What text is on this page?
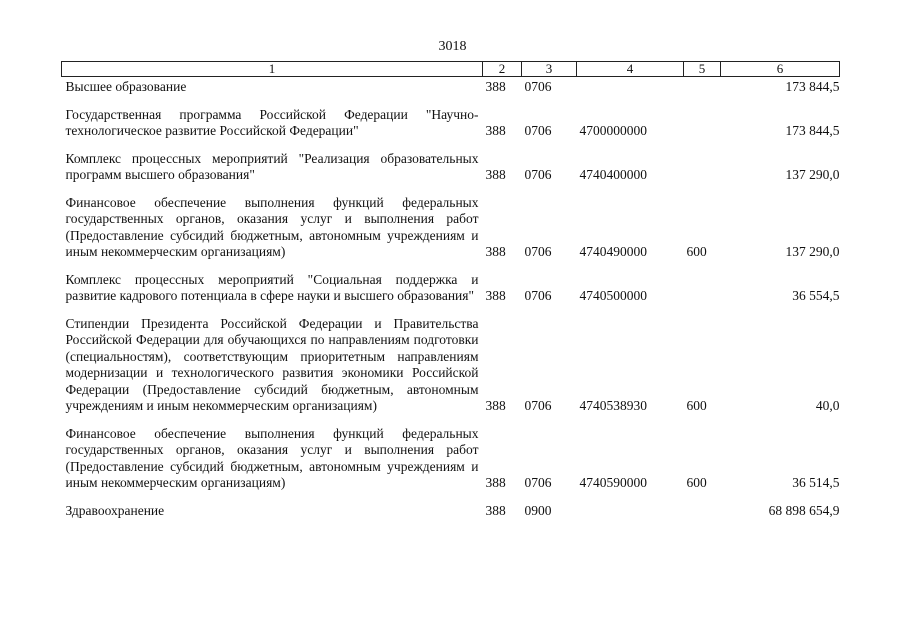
3018
1	2	3	4	5	6
Высшее образование	388	0706			173 844,5

Государственная программа Российской Федерации "Научно-технологическое развитие Российской Федерации"	388	0706	4700000000		173 844,5

Комплекс процессных мероприятий "Реализация образовательных программ высшего образования"	388	0706	4740400000		137 290,0

Финансовое обеспечение выполнения функций федеральных государственных органов, оказания услуг и выполнения работ (Предоставление субсидий бюджетным, автономным учреждениям и иным некоммерческим организациям)	388	0706	4740490000	600	137 290,0

Комплекс процессных мероприятий "Социальная поддержка и развитие кадрового потенциала в сфере науки и высшего образования"	388	0706	4740500000		36 554,5

Стипендии Президента Российской Федерации и Правительства Российской Федерации для обучающихся по направлениям подготовки (специальностям), соответствующим приоритетным направлениям модернизации и технологического развития экономики Российской Федерации (Предоставление субсидий бюджетным, автономным учреждениям и иным некоммерческим организациям)	388	0706	4740538930	600	40,0

Финансовое обеспечение выполнения функций федеральных государственных органов, оказания услуг и выполнения работ (Предоставление субсидий бюджетным, автономным учреждениям и иным некоммерческим организациям)	388	0706	4740590000	600	36 514,5

Здравоохранение	388	0900			68 898 654,9
